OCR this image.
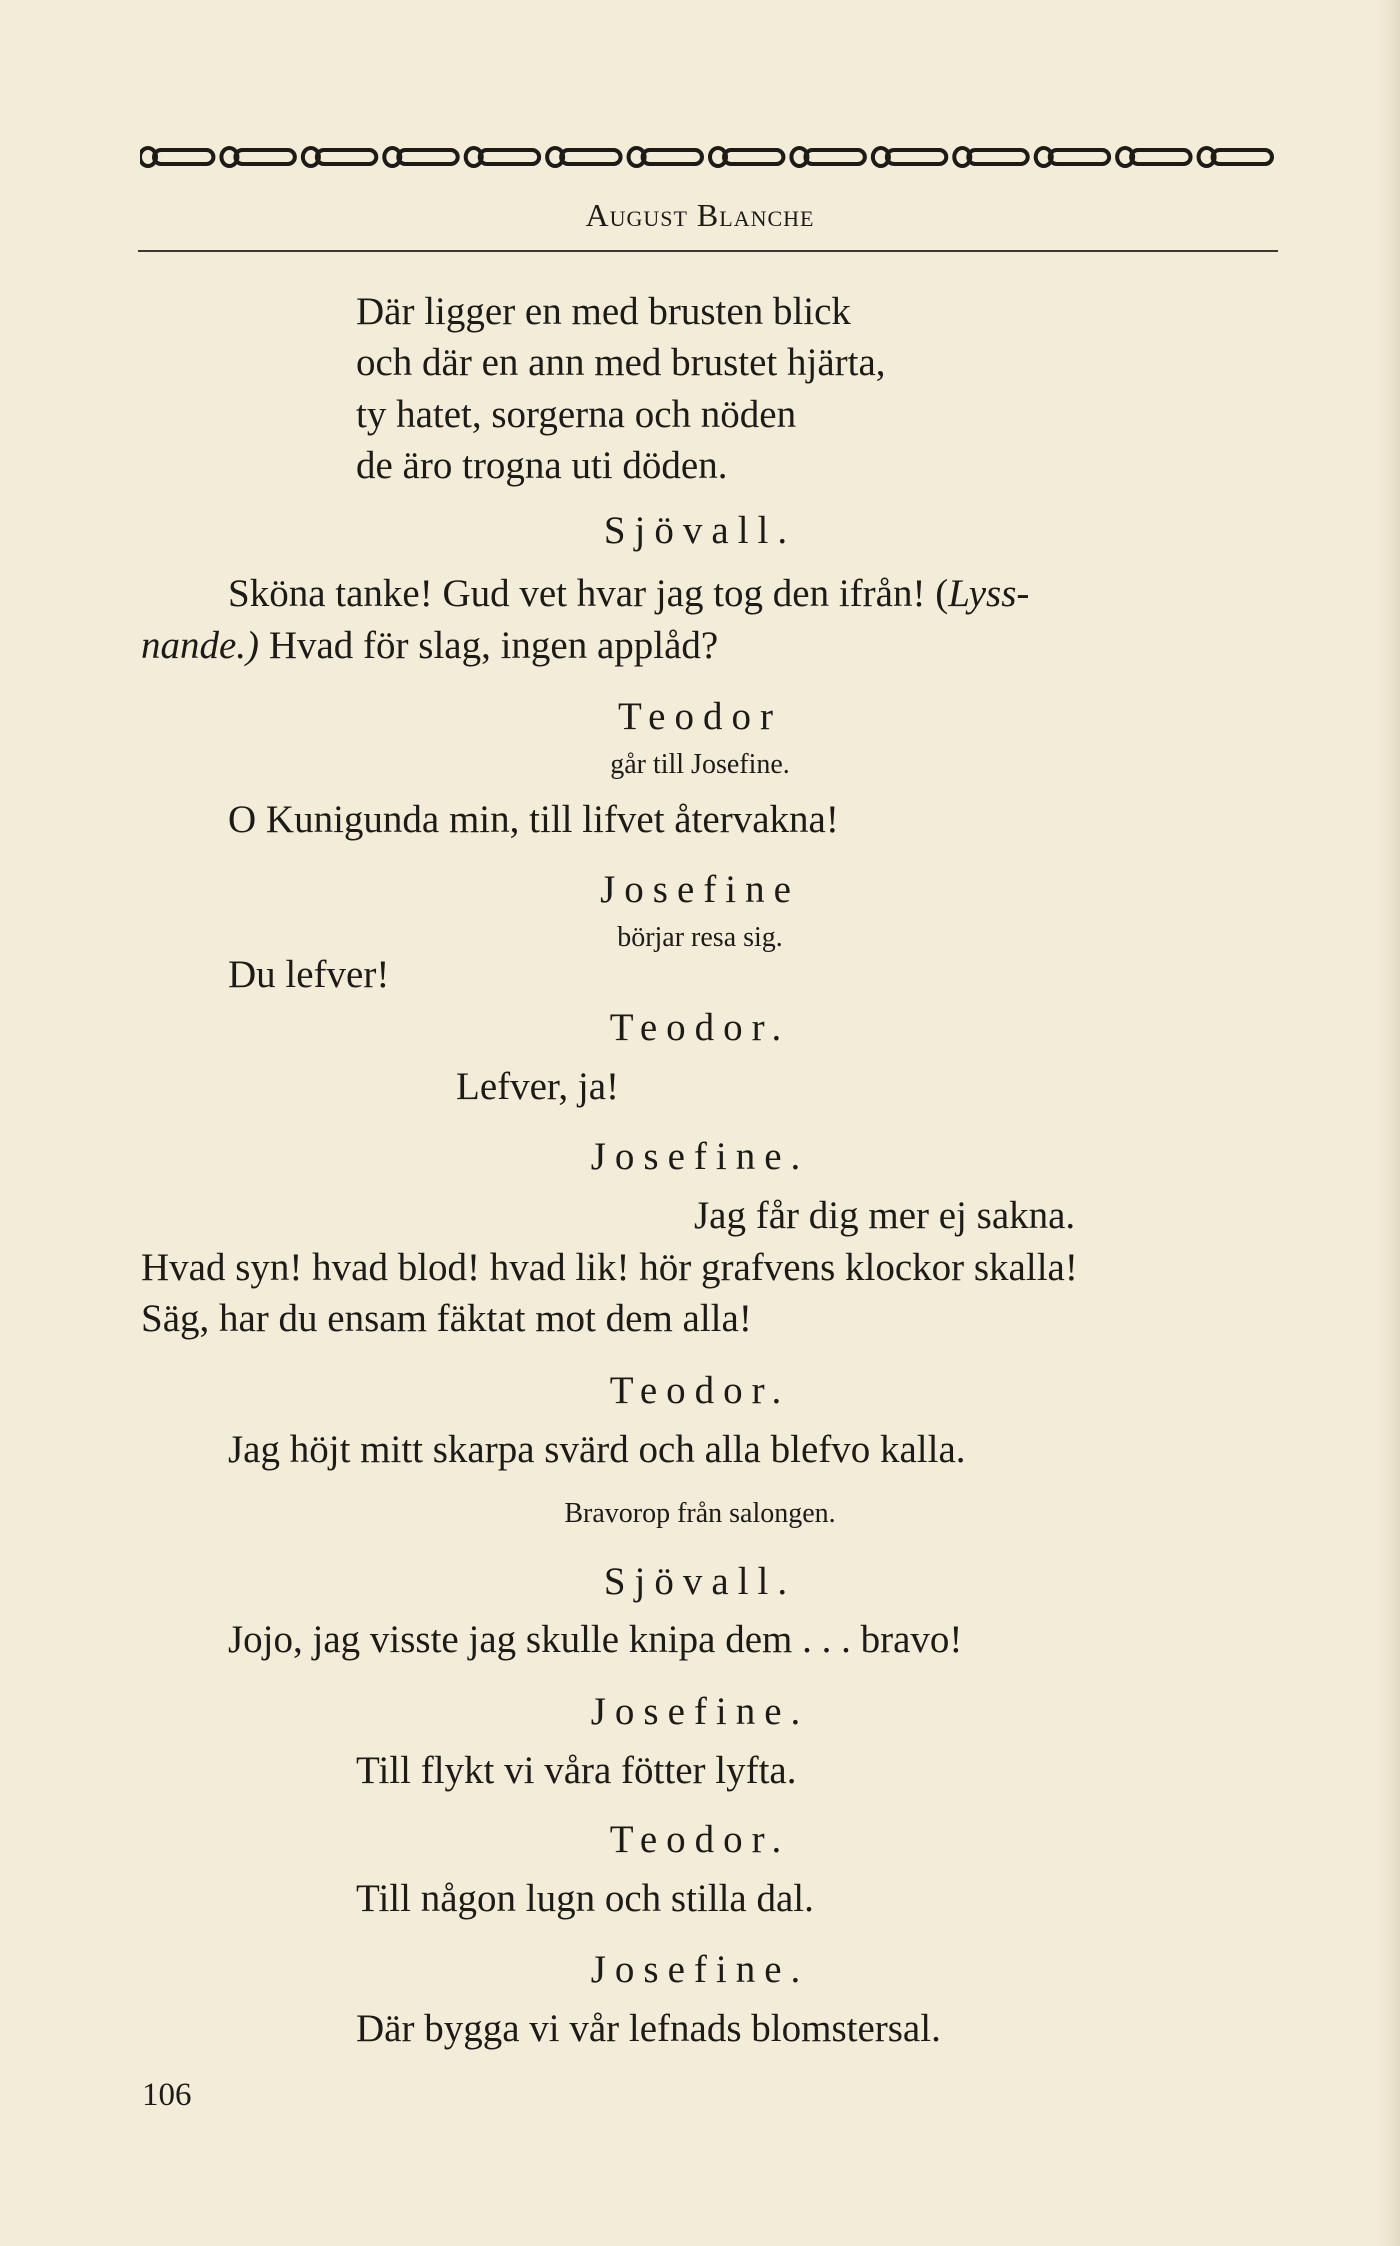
August Blanche
Där ligger en med brusten blick
och där en ann med brustet hjärta,
ty hatet, sorgerna och nöden
de äro trogna uti döden.
Sjövall.
Sköna tanke! Gud vet hvar jag tog den ifrån! (Lyss-
nande.) Hvad för slag, ingen applåd?
Teodor
går till Josefine.
O Kunigunda min, till lifvet återvakna!
Josefine
börjar resa sig.
Du lefver!
Teodor.
Lefver, ja!
Josefine.
Jag får dig mer ej sakna.
Hvad syn! hvad blod! hvad lik! hör grafvens klockor skalla!
Säg, har du ensam fäktat mot dem alla!
Teodor.
Jag höjt mitt skarpa svärd och alla blefvo kalla.
Bravorop från salongen.
Sjövall.
Jojo, jag visste jag skulle knipa dem . . . bravo!
Josefine.
Till flykt vi våra fötter lyfta.
Teodor.
Till någon lugn och stilla dal.
Josefine.
Där bygga vi vår lefnads blomstersal.
106
